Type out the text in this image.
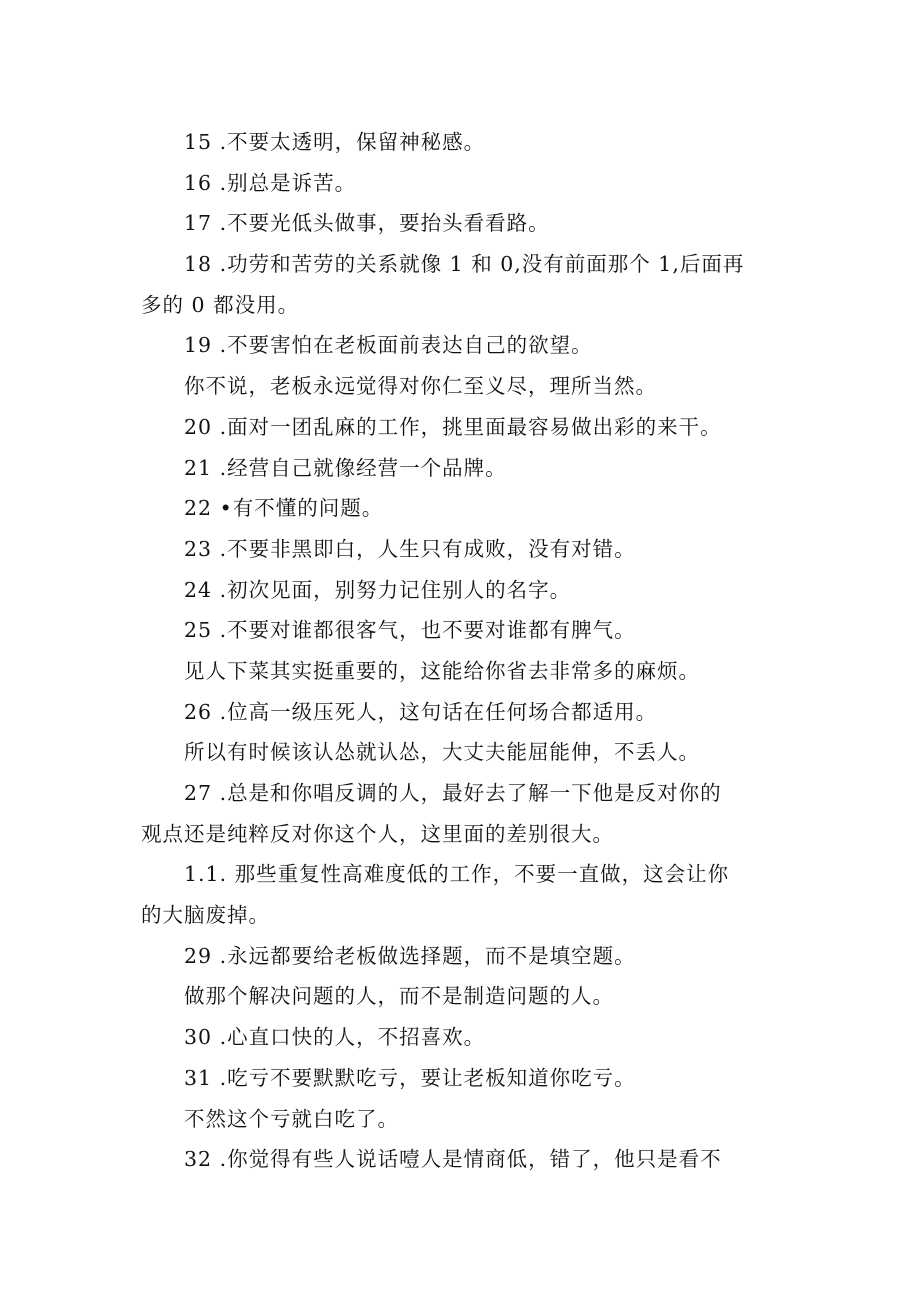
15 .不要太透明，保留神秘感。
16 .别总是诉苦。
17 .不要光低头做事，要抬头看看路。
18 .功劳和苦劳的关系就像 1 和 0,没有前面那个 1,后面再
多的 0 都没用。
19 .不要害怕在老板面前表达自己的欲望。
你不说，老板永远觉得对你仁至义尽，理所当然。
20 .面对一团乱麻的工作，挑里面最容易做出彩的来干。
21 .经营自己就像经营一个品牌。
22 •有不懂的问题。
23 .不要非黑即白，人生只有成败，没有对错。
24 .初次见面，别努力记住别人的名字。
25 .不要对谁都很客气，也不要对谁都有脾气。
见人下菜其实挺重要的，这能给你省去非常多的麻烦。
26 .位高一级压死人，这句话在任何场合都适用。
所以有时候该认怂就认怂，大丈夫能屈能伸，不丢人。
27 .总是和你唱反调的人，最好去了解一下他是反对你的
观点还是纯粹反对你这个人，这里面的差别很大。
1.1. 那些重复性高难度低的工作，不要一直做，这会让你
的大脑废掉。
29 .永远都要给老板做选择题，而不是填空题。
做那个解决问题的人，而不是制造问题的人。
30 .心直口快的人，不招喜欢。
31 .吃亏不要默默吃亏，要让老板知道你吃亏。
不然这个亏就白吃了。
32 .你觉得有些人说话噎人是情商低，错了，他只是看不
